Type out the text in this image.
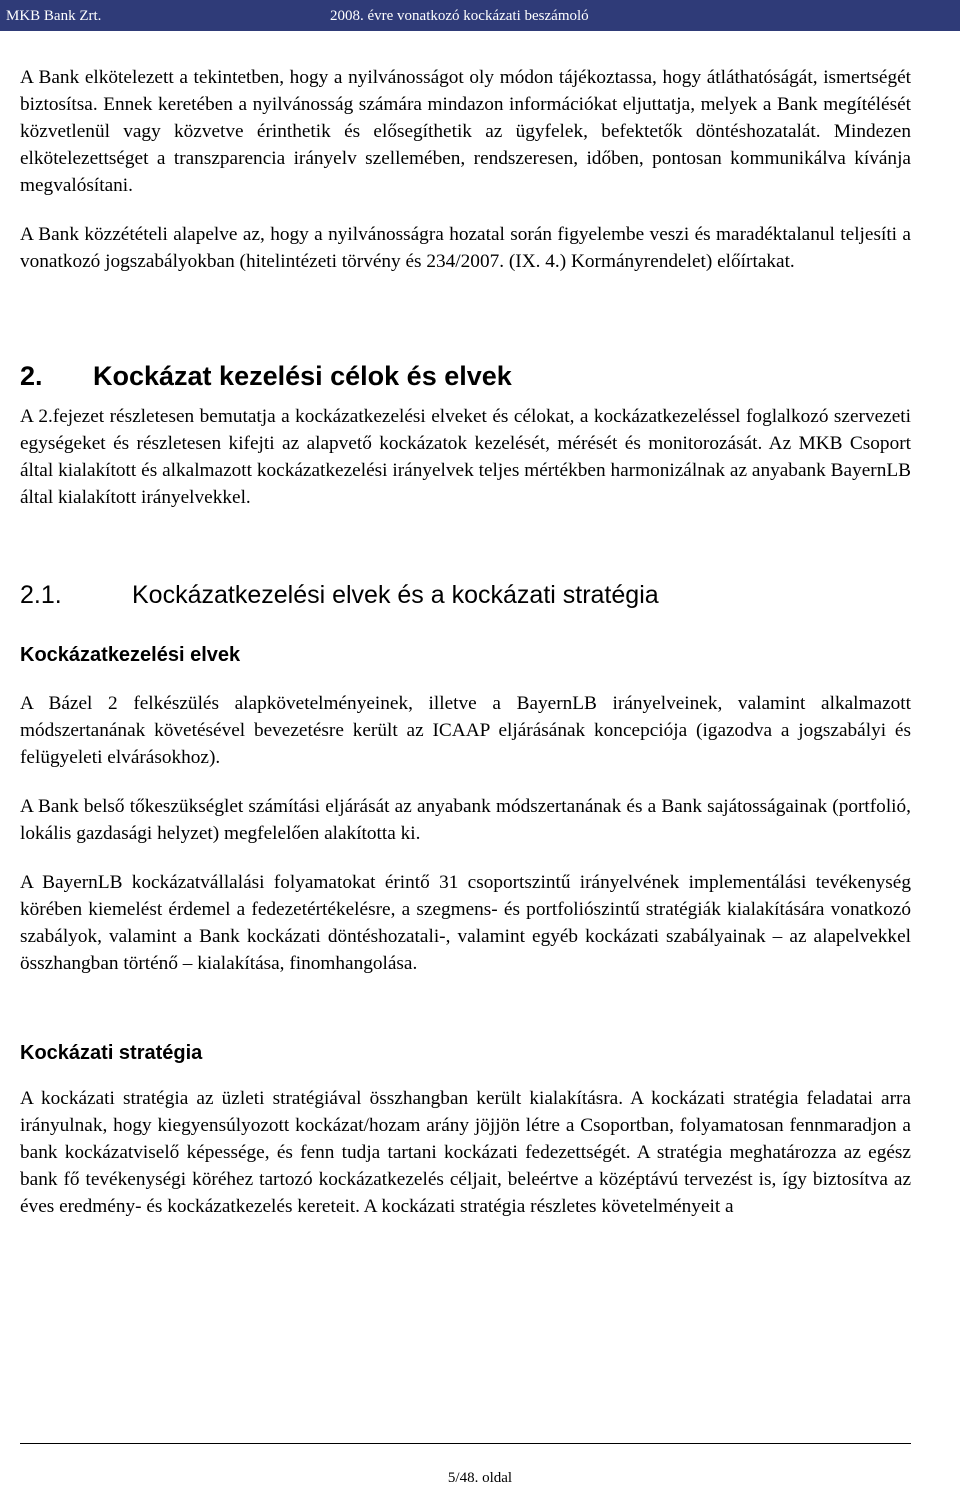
MKB Bank Zrt.	2008. évre vonatkozó kockázati beszámoló

A Bank elkötelezett a tekintetben, hogy a nyilvánosságot oly módon tájékoztassa, hogy átláthatóságát, ismertségét biztosítsa. Ennek keretében a nyilvánosság számára mindazon információkat eljuttatja, melyek a Bank megítélését közvetlenül vagy közvetve érinthetik és elősegíthetik az ügyfelek, befektetők döntéshozatalát. Mindezen elkötelezettséget a transzparencia irányelv szellemében, rendszeresen, időben, pontosan kommunikálva kívánja megvalósítani.

A Bank közzétételi alapelve az, hogy a nyilvánosságra hozatal során figyelembe veszi és maradéktalanul teljesíti a vonatkozó jogszabályokban (hitelintézeti törvény és 234/2007. (IX. 4.) Kormányrendelet) előírtakat.

2. Kockázat kezelési célok és elvek

A 2.fejezet részletesen bemutatja a kockázatkezelési elveket és célokat, a kockázatkezeléssel foglalkozó szervezeti egységeket és részletesen kifejti az alapvető kockázatok kezelését, mérését és monitorozását. Az MKB Csoport által kialakított és alkalmazott kockázatkezelési irányelvek teljes mértékben harmonizálnak az anyabank BayernLB által kialakított irányelvekkel.

2.1.	Kockázatkezelési elvek és a kockázati stratégia
Kockázatkezelési elvek

A Bázel 2 felkészülés alapkövetelményeinek, illetve a BayernLB irányelveinek, valamint alkalmazott módszertanának követésével bevezetésre került az ICAAP eljárásának koncepciója (igazodva a jogszabályi és felügyeleti elvárásokhoz).

A Bank belső tőkeszükséglet számítási eljárását az anyabank módszertanának és a Bank sajátosságainak (portfolió, lokális gazdasági helyzet) megfelelően alakította ki.

A BayernLB kockázatvállalási folyamatokat érintő 31 csoportszintű irányelvének implementálási tevékenység körében kiemelést érdemel a fedezetértékelésre, a szegmens- és portfoliószintű stratégiák kialakítására vonatkozó szabályok, valamint a Bank kockázati döntéshozatali-, valamint egyéb kockázati szabályainak – az alapelvekkel összhangban történő – kialakítása, finomhangolása.

Kockázati stratégia

A kockázati stratégia az üzleti stratégiával összhangban került kialakításra. A kockázati stratégia feladatai arra irányulnak, hogy kiegyensúlyozott kockázat/hozam arány jöjjön létre a Csoportban, folyamatosan fennmaradjon a bank kockázatviselő képessége, és fenn tudja tartani kockázati fedezettségét. A stratégia meghatározza az egész bank fő tevékenységi köréhez tartozó kockázatkezelés céljait, beleértve a középtávú tervezést is, így biztosítva az éves eredmény- és kockázatkezelés kereteit. A kockázati stratégia részletes követelményeit a

5/48. oldal
